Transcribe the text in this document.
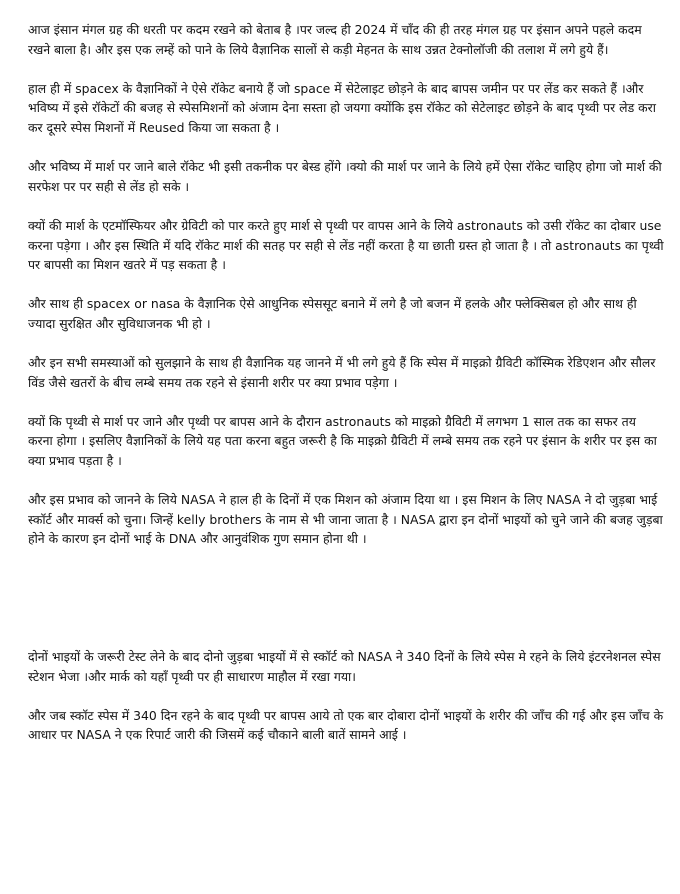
आज इंसान मंगल ग्रह की धरती पर कदम रखने को बेताब है ।पर जल्द ही 2024 में चाँद की ही तरह मंगल ग्रह पर इंसान अपने पहले कदम रखने बाला है। और इस एक लम्हें को पाने के लिये वैज्ञानिक सालों से कड़ी मेहनत के साथ उन्नत टेक्नोलॉजी की तलाश में लगे हुये हैं।

हाल ही में spacex के वैज्ञानिकों ने ऐसे रॉकेट बनाये हैं जो space में सेटेलाइट छोड़ने के बाद बापस जमीन पर पर लेंड कर सकते हैं ।और भविष्य में इसे रॉकेटों की बजह से स्पेसमिशनों को अंजाम देना सस्ता हो जयगा क्योंकि इस रॉकेट को सेटेलाइट छोड़ने के बाद पृथ्वी पर लेड करा कर दूसरे स्पेस मिशनों में Reused किया जा सकता है ।

और भविष्य में मार्श पर जाने बाले रॉकेट भी इसी तकनीक पर बेस्ड होंगे ।क्यो की मार्श पर जाने के लिये हमें ऐसा रॉकेट चाहिए होगा जो मार्श की सरफेश पर पर सही से लेंड हो सके ।

क्यों की मार्श के एटमॉस्फियर और ग्रेविटी को पार करते हुए मार्श से पृथ्वी पर वापस आने के लिये astronauts को उसी रॉकेट का दोबार use करना पड़ेगा । और इस स्थिति में यदि रॉकेट मार्श की सतह पर सही से लेंड नहीं करता है या छाती ग्रस्त हो जाता है । तो astronauts का पृथ्वी पर बापसी का मिशन खतरे में पड़ सकता है ।

और साथ ही spacex or nasa के वैज्ञानिक ऐसे आधुनिक स्पेससूट बनाने में लगे है जो बजन में हलके और फ्लेक्सिबल हो और साथ ही ज्यादा सुरक्षित और सुविधाजनक भी हो ।

और इन सभी समस्याओं को सुलझाने के साथ ही वैज्ञानिक यह जानने में भी लगे हुये हैं कि स्पेस में माइक्रो ग्रैविटी कॉस्मिक रेडिएशन और सौलर विंड जैसे खतरों के बीच लम्बे समय तक रहने से इंसानी शरीर पर क्या प्रभाव पड़ेगा ।

क्यों कि पृथ्वी से मार्श पर जाने और पृथ्वी पर बापस आने के दौरान astronauts को माइक्रो ग्रैविटी में लगभग 1 साल तक का सफर तय करना होगा । इसलिए वैज्ञानिकों के लिये यह पता करना बहुत जरूरी है कि माइक्रो ग्रैविटी में लम्बे समय तक रहने पर इंसान के शरीर पर इस का क्या प्रभाव पड़ता है ।

और इस प्रभाव को जानने के लिये NASA ने हाल ही के दिनों में एक मिशन को अंजाम दिया था । इस मिशन के लिए NASA ने दो जुड़बा भाई स्कॉर्ट और मार्क्स को चुना। जिन्हें kelly brothers के नाम से भी जाना जाता है । NASA द्वारा इन दोनों भाइयों को चुने जाने की बजह जुड़बा होने के कारण इन दोनों भाई के DNA और आनुवंशिक गुण समान होना थी ।

दोनों भाइयों के जरूरी टेस्ट लेने के बाद दोनो जुड़बा भाइयों में से स्कॉर्ट को NASA ने 340 दिनों के लिये स्पेस मे रहने के लिये इंटरनेशनल स्पेस स्टेशन भेजा ।और मार्क को यहाँ पृथ्वी पर ही साधारण माहौल में रखा गया।

और जब स्कॉट स्पेस में 340 दिन रहने के बाद पृथ्वी पर बापस आये तो एक बार दोबारा दोनों भाइयों के शरीर की जाँच की गई और इस जाँच के आधार पर NASA ने एक रिपार्ट जारी की जिसमें कई चौकाने बाली बातें सामने आई ।
